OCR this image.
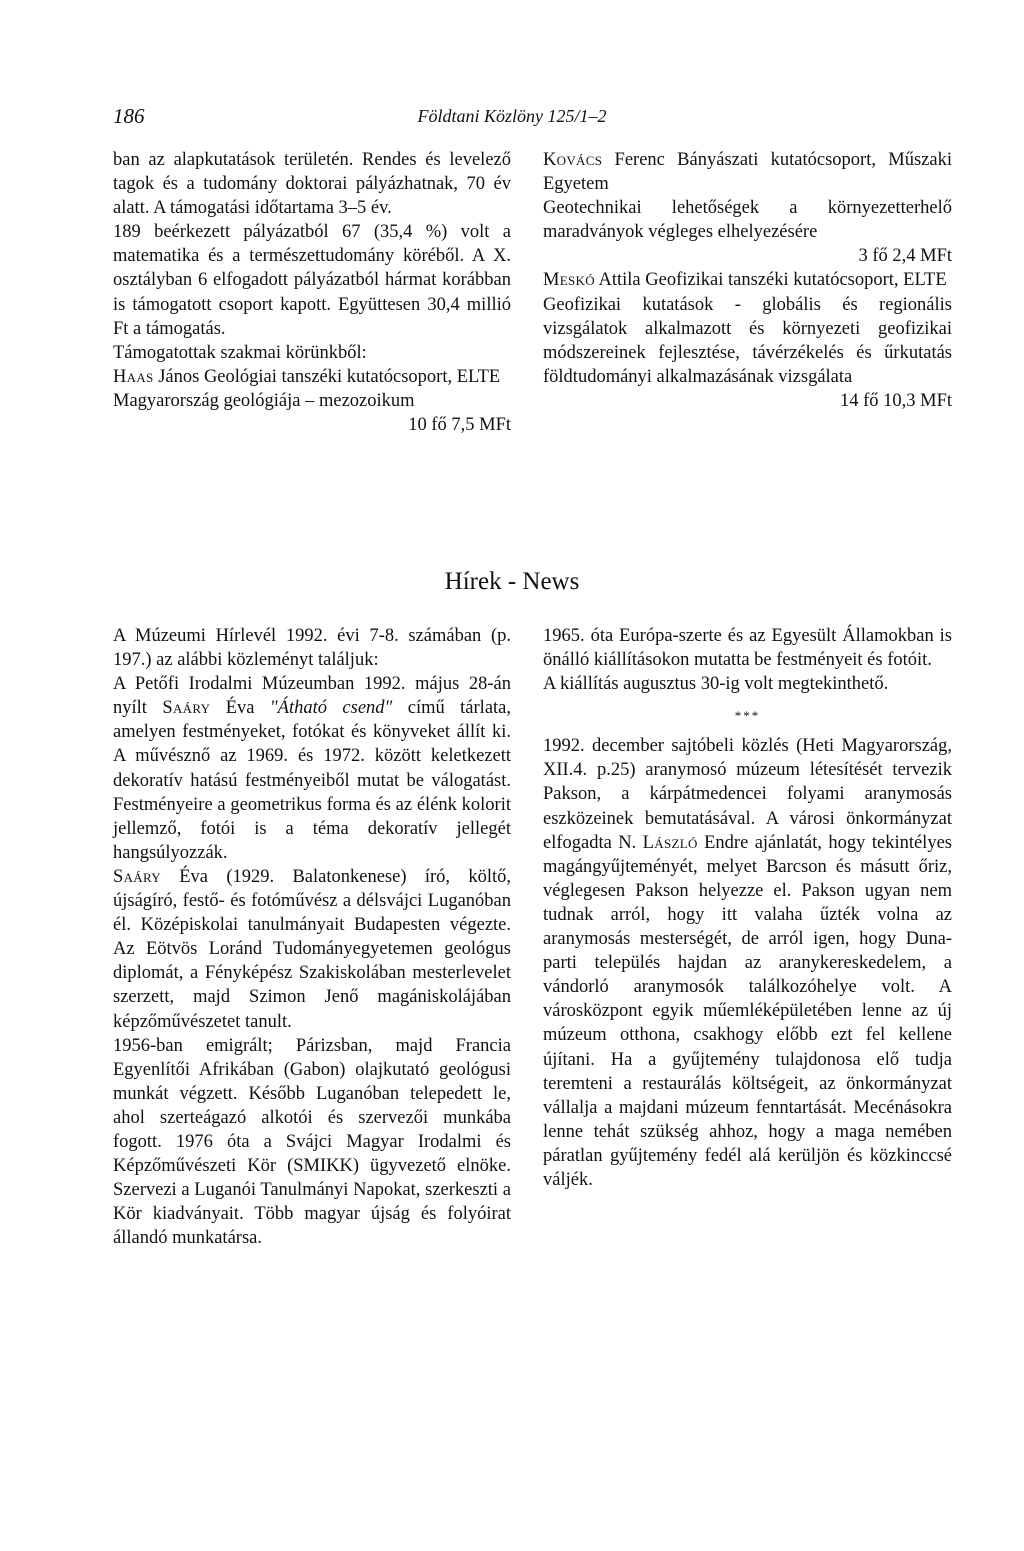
186	Földtani Közlöny 125/1–2

ban az alapkutatások területén. Rendes és levelező tagok és a tudomány doktorai pályázhatnak, 70 év alatt. A támogatási időtartama 3–5 év.

189 beérkezett pályázatból 67 (35,4 %) volt a matematika és a természettudomány köréből. A X. osztályban 6 elfogadott pályázatból hármat korábban is támogatott csoport kapott. Együttesen 30,4 millió Ft a támogatás.

Támogatottak szakmai körünkből:

Haas János Geológiai tanszéki kutatócsoport, ELTE

Magyarország geológiája – mezozoikum

10 fő 7,5 MFt

Kovács Ferenc Bányászati kutatócsoport, Műszaki Egyetem

Geotechnikai lehetőségek a környezetterhelő maradványok végleges elhelyezésére

3 fő 2,4 MFt

Meskó Attila Geofizikai tanszéki kutatócsoport, ELTE

Geofizikai kutatások - globális és regionális vizsgálatok alkalmazott és környezeti geofizikai módszereinek fejlesztése, távérzékelés és űrkutatás földtudományi alkalmazásának vizsgálata

14 fő 10,3 MFt

Hírek - News

A Múzeumi Hírlevél 1992. évi 7-8. számában (p. 197.) az alábbi közleményt találjuk:

A Petőfi Irodalmi Múzeumban 1992. május 28-án nyílt Saáry Éva "Átható csend" című tárlata, amelyen festményeket, fotókat és könyveket állít ki. A művésznő az 1969. és 1972. között keletkezett dekoratív hatású festményeiből mutat be válogatást. Festményeire a geometrikus forma és az élénk kolorit jellemző, fotói is a téma dekoratív jellegét hangsúlyozzák.

Saáry Éva (1929. Balatonkenese) író, költő, újságíró, festő- és fotóművész a délsvájci Luganóban él. Középiskolai tanulmányait Budapesten végezte. Az Eötvös Loránd Tudományegyetemen geológus diplomát, a Fényképész Szakiskolában mesterlevelet szerzett, majd Szimon Jenő magániskolájában képzőművészetet tanult.

1956-ban emigrált; Párizsban, majd Francia Egyenlítői Afrikában (Gabon) olajkutató geológusi munkát végzett. Később Luganóban telepedett le, ahol szerteágazó alkotói és szervezői munkába fogott. 1976 óta a Svájci Magyar Irodalmi és Képzőművészeti Kör (SMIKK) ügyvezető elnöke. Szervezi a Luganói Tanulmányi Napokat, szerkeszti a Kör kiadványait. Több magyar újság és folyóirat állandó munkatársa.

1965. óta Európa-szerte és az Egyesült Államokban is önálló kiállításokon mutatta be festményeit és fotóit.

A kiállítás augusztus 30-ig volt megtekinthető.

***

1992. december sajtóbeli közlés (Heti Magyarország, XII.4. p.25) aranymosó múzeum létesítését tervezik Pakson, a kárpátmedencei folyami aranymosás eszközeinek bemutatásával. A városi önkormányzat elfogadta N. László Endre ajánlatát, hogy tekintélyes magángyűjteményét, melyet Barcson és másutt őriz, véglegesen Pakson helyezze el. Pakson ugyan nem tudnak arról, hogy itt valaha űzték volna az aranymosás mesterségét, de arról igen, hogy Duna-parti település hajdan az aranykereskedelem, a vándorló aranymosók találkozóhelye volt. A városközpont egyik műemléképületében lenne az új múzeum otthona, csakhogy előbb ezt fel kellene újítani. Ha a gyűjtemény tulajdonosa elő tudja teremteni a restaurálás költségeit, az önkormányzat vállalja a majdani múzeum fenntartását. Mecénásokra lenne tehát szükség ahhoz, hogy a maga nemében páratlan gyűjtemény fedél alá kerüljön és közkinccsé váljék.
